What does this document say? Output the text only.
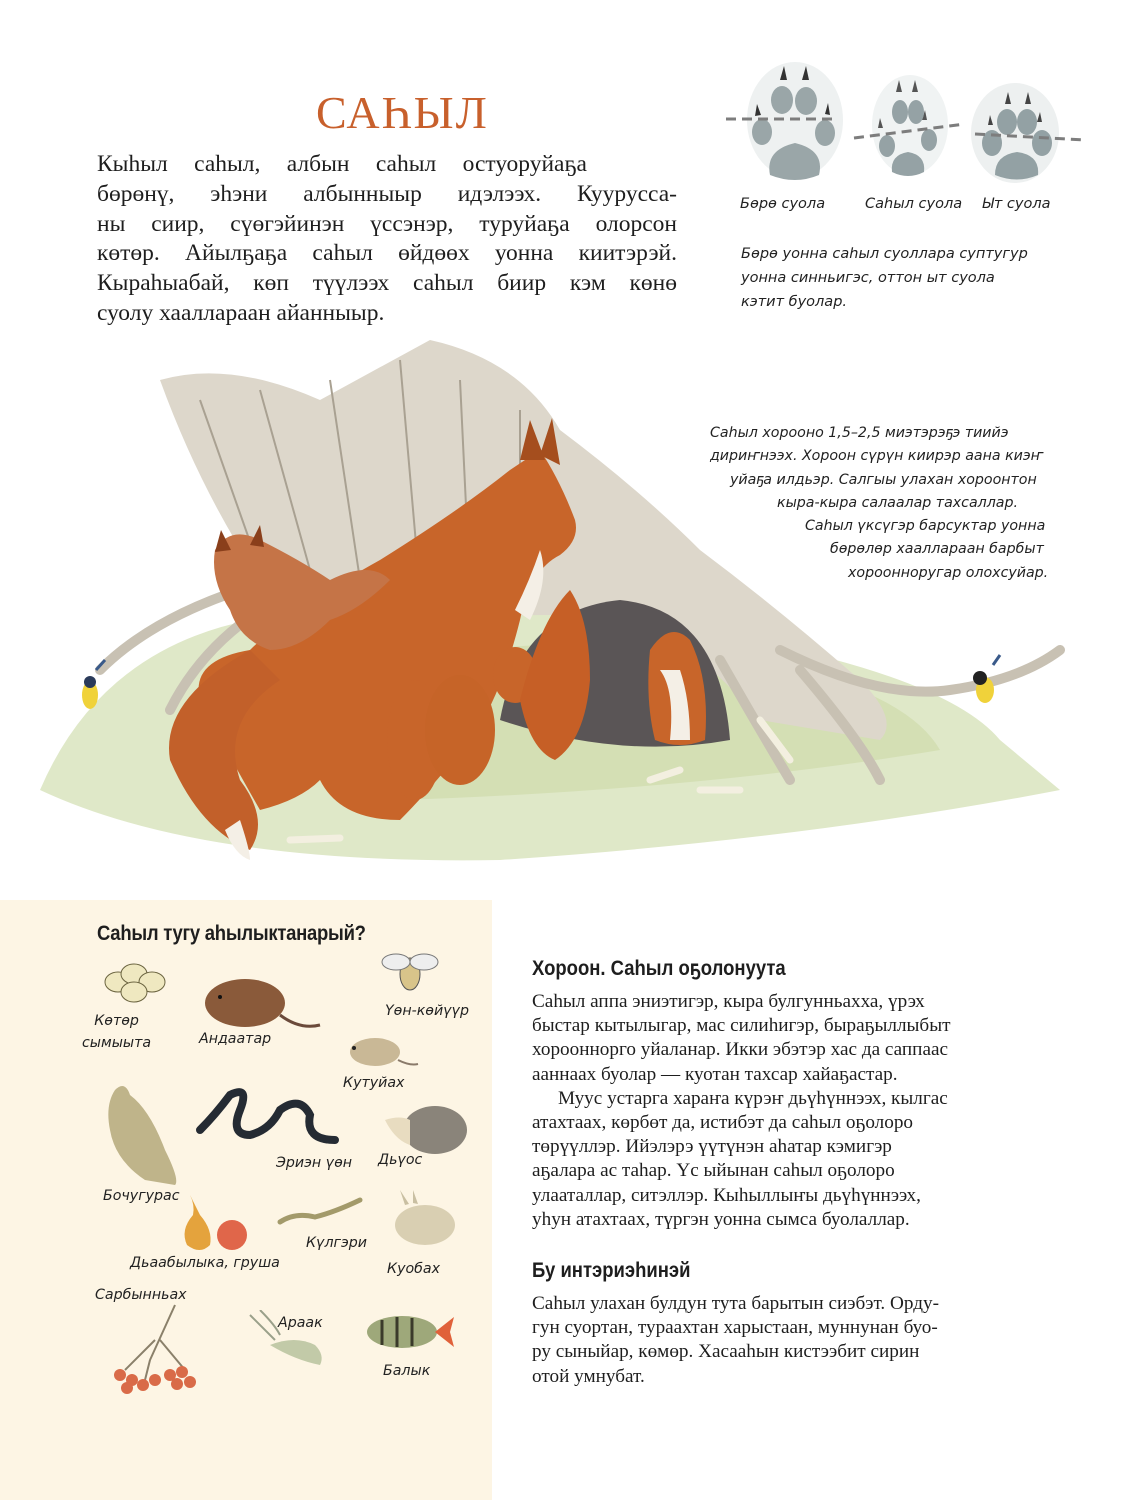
САҺЫЛ
Кыһыл саһыл, албын саһыл остуоруйаҕа
бөрөнү, эһэни албынныыр идэлээх. Куурусса-
ны сиир, сүөгэйинэн үссэнэр, туруйаҕа олорсон
көтөр. Айылҕаҕа саһыл өйдөөх уонна киитэрэй.
Кыраһыабай, көп түүлээх саһыл биир кэм көнө
суолу хааллараан айанныыр.
Бөрө суола	Саһыл суола Ыт суола
Бөрө уонна саһыл суоллара суптугур
уонна синньигэс, оттон ыт суола
кэтит буолар.
Саһыл хорооно 1,5–2,5 миэтэрэҕэ тиийэ
дириҥнээх. Хороон сүрүн киирэр аана киэҥ
уйаҕа илдьэр. Салгыы улахан хороонтон
кыра-кыра салаалар тахсаллар.
Саһыл үксүгэр барсуктар уонна
бөрөлөр хааллараан барбыт
хороонноругар олохсуйар.
Саһыл тугу аһылыктанарый?
Көтөр
сымыыта	Андаатар
Үөн-көйүүр
Кутуйах
Бочугурас
Эриэн үөн Дьүос
Дьаабылыка, груша
Күлгэри
Куобах
Сарбынньах
Араак
Балык
Хороон. Саһыл оҕолонуута
Саһыл аппа эниэтигэр, кыра булгунньахха, үрэх
быстар кытылыгар, мас силиһигэр, быраҕыллыбыт
хорооннорго уйаланар. Икки эбэтэр хас да саппаас
ааннаах буолар — куотан тахсар хайаҕастар.
Муус устарга хараҥа күрэҥ дьүһүннээх, кылгас
атахтаах, көрбөт да, истибэт да саһыл оҕолоро
төрүүллэр. Ийэлэрэ үүтүнэн аһатар кэмигэр
аҕалара ас таһар. Үс ыйынан саһыл оҕолоро
улааталлар, ситэллэр. Кыһыллыҥы дьүһүннээх,
уһун атахтаах, түргэн уонна сымса буолаллар.
Бу интэриэһинэй
Саһыл улахан булдун тута барытын сиэбэт. Орду-
гун суортан, тураахтан харыстаан, муннунан буо-
ру сыныйар, көмөр. Хасааһын кистээбит сирин
отой умнубат.
